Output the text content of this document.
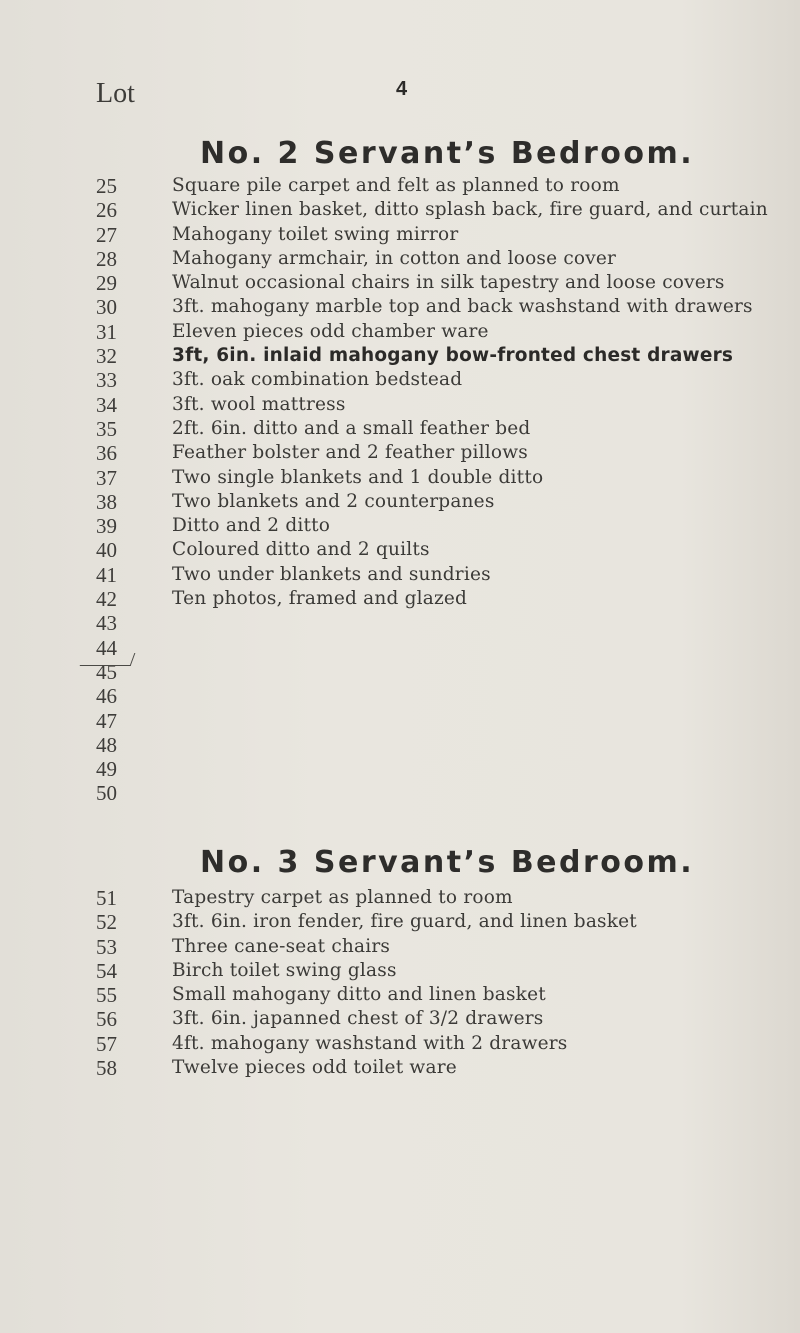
Lot	4
No. 2 Servant’s Bedroom.
25	Square pile carpet and felt as planned to room
26	Wicker linen basket, ditto splash back, fire guard, and curtain
27	Mahogany toilet swing mirror
28	Mahogany armchair, in cotton and loose cover
29	Walnut occasional chairs in silk tapestry and loose covers
30	3ft. mahogany marble top and back washstand with drawers
31	Eleven pieces odd chamber ware
32	3ft, 6in. inlaid mahogany bow-fronted chest drawers
33	3ft. oak combination bedstead
34	3ft. wool mattress
35	2ft. 6in. ditto and a small feather bed
36	Feather bolster and 2 feather pillows
37	Two single blankets and 1 double ditto
38	Two blankets and 2 counterpanes
39	Ditto and 2 ditto
40	Coloured ditto and 2 quilts
41	Two under blankets and sundries
42	Ten photos, framed and glazed
43
44
45
46
47
48
49
50
No. 3 Servant’s Bedroom.
51	Tapestry carpet as planned to room
52	3ft. 6in. iron fender, fire guard, and linen basket
53	Three cane-seat chairs
54	Birch toilet swing glass
55	Small mahogany ditto and linen basket
56	3ft. 6in. japanned chest of 3/2 drawers
57	4ft. mahogany washstand with 2 drawers
58	Twelve pieces odd toilet ware
